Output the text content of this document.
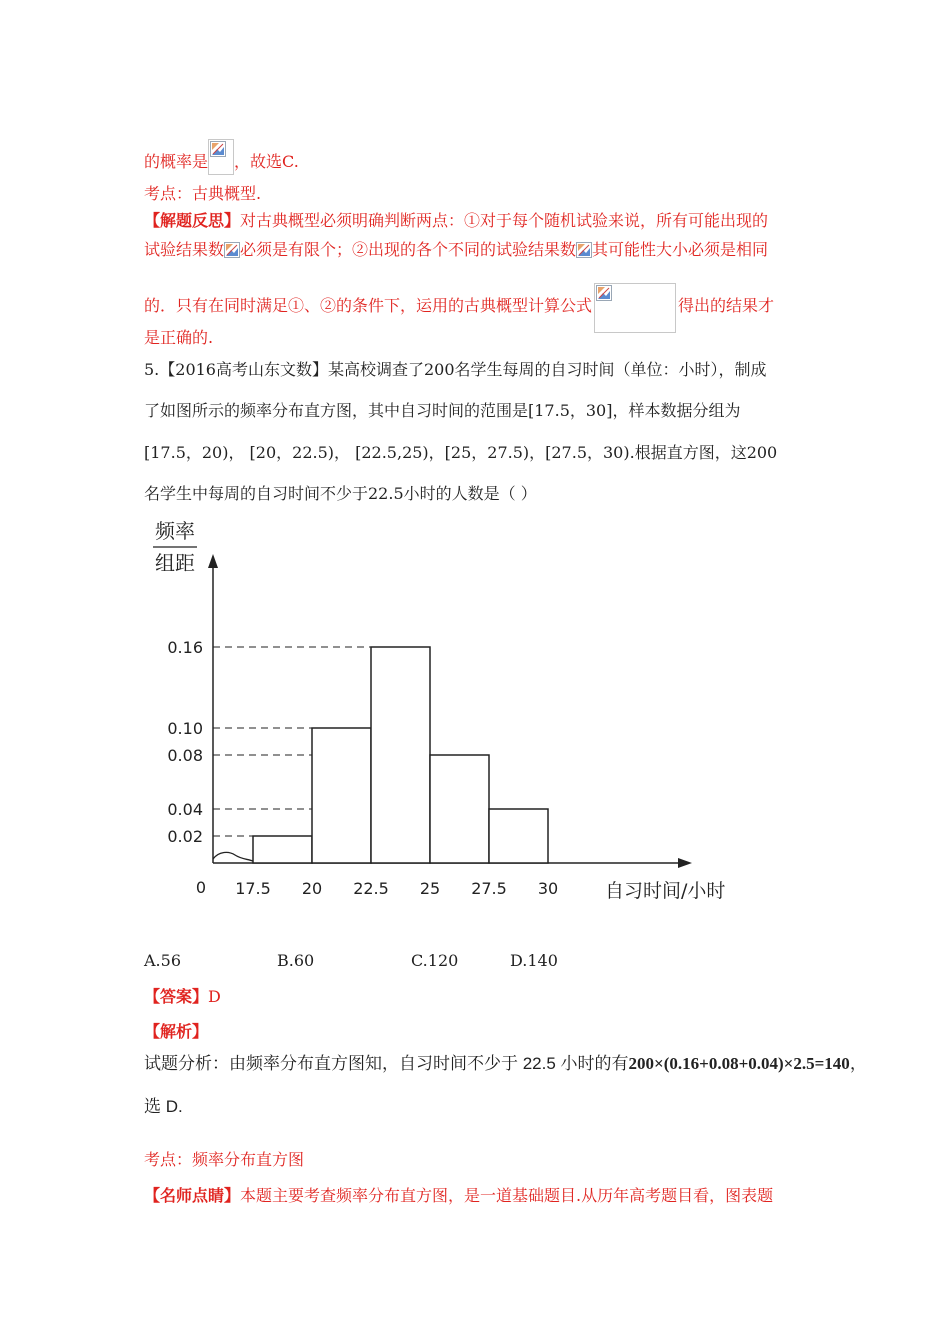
的概率是 ，故选C.
考点：古典概型.
【解题反思】对古典概型必须明确判断两点：①对于每个随机试验来说，所有可能出现的
试验结果数 必须是有限个；②出现的各个不同的试验结果数 其可能性大小必须是相同
的．只有在同时满足①、②的条件下，运用的古典概型计算公式	得出的结果才
是正确的.
5.【2016高考山东文数】某高校调查了200名学生每周的自习时间（单位：小时），制成
了如图所示的频率分布直方图，其中自习时间的范围是[17.5，30]，样本数据分组为
[17.5，20)， [20，22.5)， [22.5,25)，[25，27.5)，[27.5，30).根据直方图，这200
名学生中每周的自习时间不少于22.5小时的人数是（ ）
频率
组距
0.16
0.10
0.08
0.04
0.02
0 17.5 20 22.5 25 27.5 30 自习时间/小时
A.56	B.60	C.120	D.140
【答案】D
【解析】
试题分析：由频率分布直方图知，自习时间不少于 22.5 小时的有200×(0.16+0.08+0.04)×2.5=140，
选 D.
考点：频率分布直方图
【名师点睛】本题主要考查频率分布直方图，是一道基础题目.从历年高考题目看，图表题
